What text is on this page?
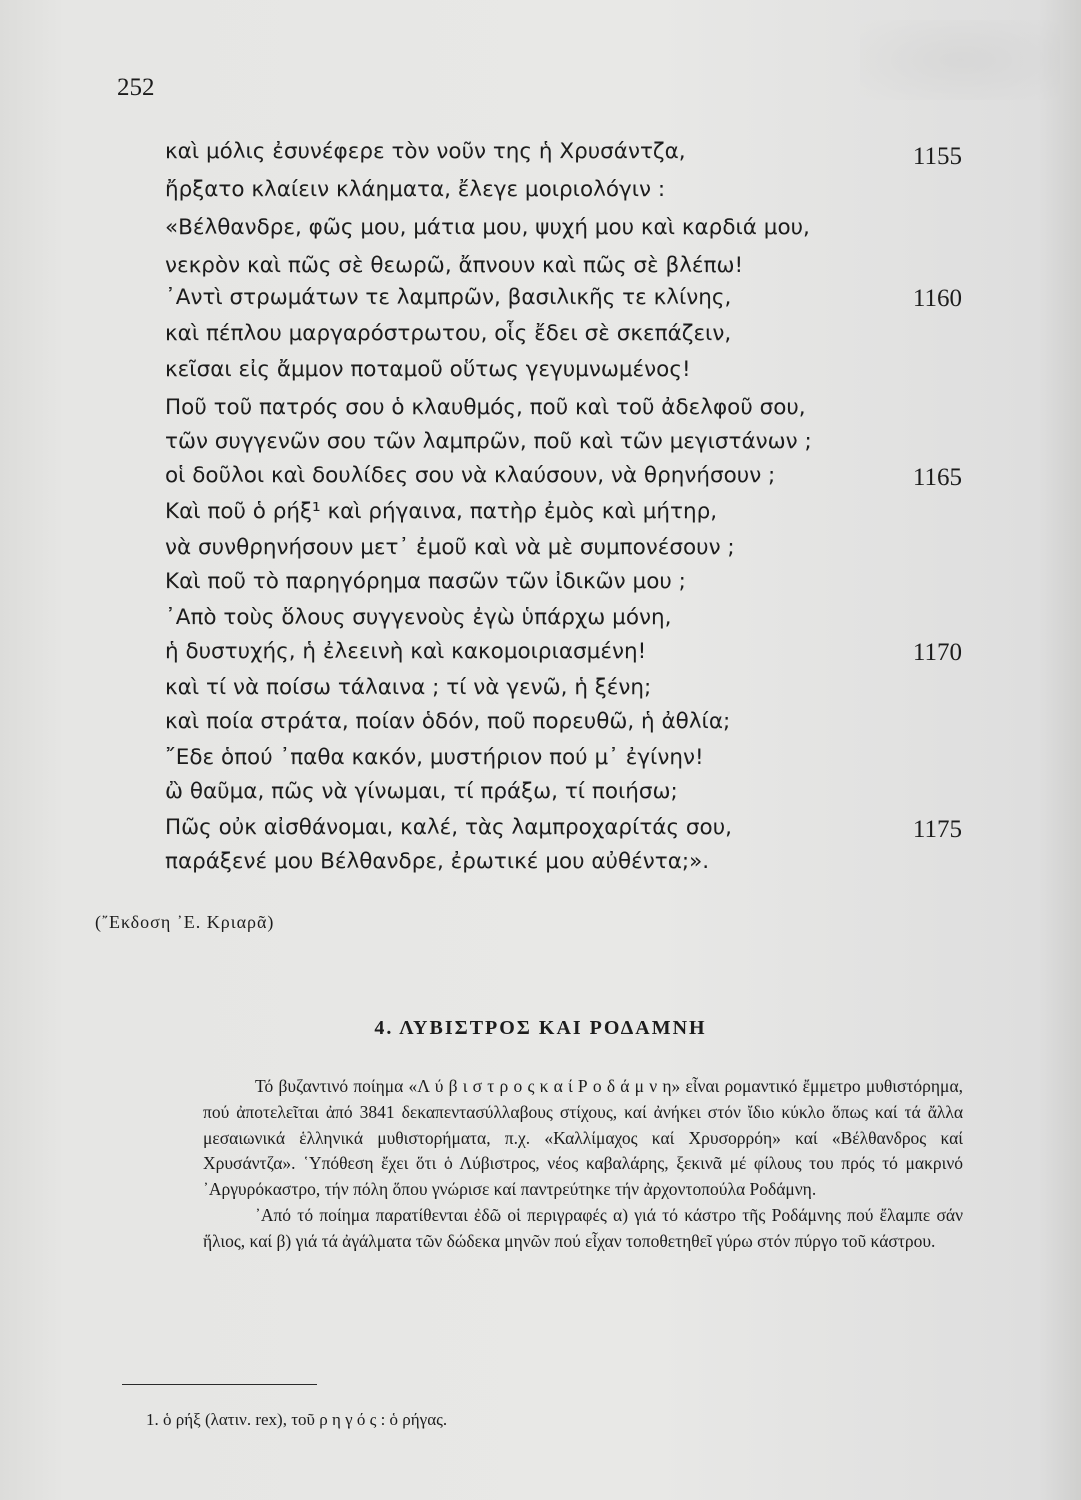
252
καὶ μόλις ἐσυνέφερε τὸν νοῦν της ἡ Χρυσάντζα,	1155
ἤρξατο κλαίειν κλάηματα, ἔλεγε μοιριολόγιν :
«Βέλθανδρε, φῶς μου, μάτια μου, ψυχή μου καὶ καρδιά μου,
νεκρὸν καὶ πῶς σὲ θεωρῶ, ἄπνουν καὶ πῶς σὲ βλέπω!
᾿Αντὶ στρωμάτων τε λαμπρῶν, βασιλικῆς τε κλίνης,	1160
καὶ πέπλου μαργαρόστρωτου, οἷς ἔδει σὲ σκεπάζειν,
κεῖσαι εἰς ἄμμον ποταμοῦ οὕτως γεγυμνωμένος!
Ποῦ τοῦ πατρός σου ὁ κλαυθμός, ποῦ καὶ τοῦ ἀδελφοῦ σου,
τῶν συγγενῶν σου τῶν λαμπρῶν, ποῦ καὶ τῶν μεγιστάνων ;
οἱ δοῦλοι καὶ δουλίδες σου νὰ κλαύσουν, νὰ θρηνήσουν ;	1165
Καὶ ποῦ ὁ ρήξ¹ καὶ ρήγαινα, πατὴρ ἐμὸς καὶ μήτηρ,
νὰ συνθρηνήσουν μετ᾿ ἐμοῦ καὶ νὰ μὲ συμπονέσουν ;
Καὶ ποῦ τὸ παρηγόρημα πασῶν τῶν ἰδικῶν μου ;
᾿Απὸ τοὺς ὅλους συγγενοὺς ἐγὼ ὑπάρχω μόνη,
ἡ δυστυχής, ἡ ἐλεεινὴ καὶ κακομοιριασμένη!	1170
καὶ τί νὰ ποίσω τάλαινα ; τί νὰ γενῶ, ἡ ξένη;
καὶ ποία στράτα, ποίαν ὁδόν, ποῦ πορευθῶ, ἡ ἀθλία;
῎Εδε ὁπού ᾿παθα κακόν, μυστήριον πού μ᾿ ἐγίνην!
ὢ θαῦμα, πῶς νὰ γίνωμαι, τί πράξω, τί ποιήσω;
Πῶς οὐκ αἰσθάνομαι, καλέ, τὰς λαμπροχαρίτάς σου,	1175
παράξενέ μου Βέλθανδρε, ἐρωτικέ μου αὐθέντα;».
(῎Εκδοση ᾿Ε. Κριαρᾶ)
4. ΛΥΒΙΣΤΡΟΣ ΚΑΙ ΡΟΔΑΜΝΗ

Τό βυζαντινό ποίημα «Λ ύ β ι σ τ ρ ο ς κ α ί Ρ ο δ ά μ ν η» εἶναι ρομαντικό ἔμμετρο μυθιστόρημα, πού ἀποτελεῖται ἀπό 3841 δεκαπεντασύλλαβους στίχους, καί ἀνήκει στόν ἴδιο κύκλο ὅπως καί τά ἄλλα μεσαιωνικά ἑλληνικά μυθιστορήματα, π.χ. «Καλλίμαχος καί Χρυσορρόη» καί «Βέλθανδρος καί Χρυσάντζα». ῾Υπόθεση ἔχει ὅτι ὁ Λύβιστρος, νέος καβαλάρης, ξεκινᾶ μέ φίλους του πρός τό μακρινό ᾿Αργυρόκαστρο, τήν πόλη ὅπου γνώρισε καί παντρεύτηκε τήν ἀρχοντοπούλα Ροδάμνη.

᾿Από τό ποίημα παρατίθενται ἐδῶ οἱ περιγραφές α) γιά τό κάστρο τῆς Ροδάμνης πού ἔλαμπε σάν ἥλιος, καί β) γιά τά ἀγάλματα τῶν δώδεκα μηνῶν πού εἶχαν τοποθετηθεῖ γύρω στόν πύργο τοῦ κάστρου.

1. ὁ ρήξ (λατιν. rex), τοῦ ρ η γ ό ς : ὁ ρήγας.
